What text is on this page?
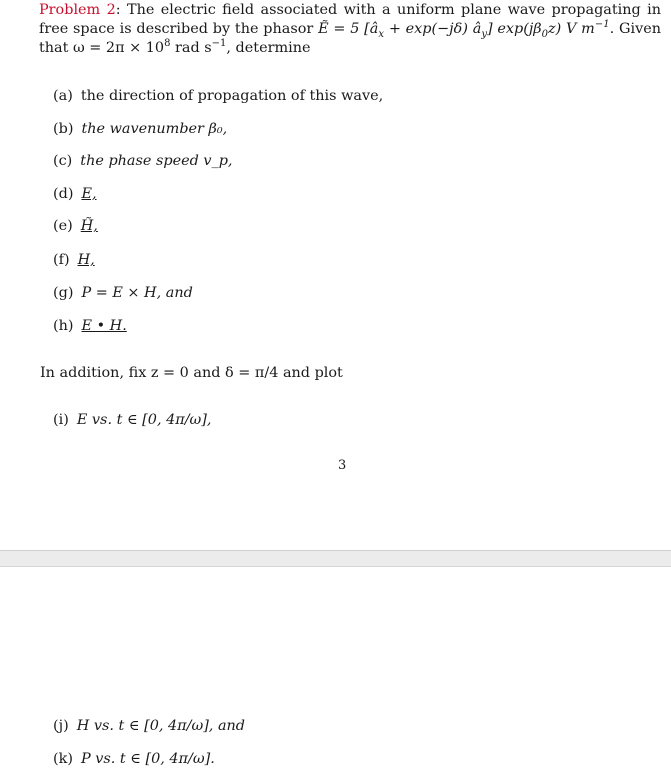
Problem 2: The electric field associated with a uniform plane wave propagating in free space is described by the phasor Ẽ = 5 [$â_x + \exp(-j\delta)$ $â_y$] $\exp(j\beta_0z)$ V $m^{-1}$. Given that $\omega = 2\pi \times 10^8$ rad $s^{-1}$, determine
(a) the direction of propagation of this wave,
(b) the wavenumber β₀,
(c) the phase speed v_p,
(d) E,
(e) H̃,
(f) H,
(g) P = E × H, and
(h) E • H.
In addition, fix z = 0 and δ = π/4 and plot
(i) E vs. t ∈ [0, 4π/ω],
3
(j) H vs. t ∈ [0, 4π/ω], and
(k) P vs. t ∈ [0, 4π/ω].
